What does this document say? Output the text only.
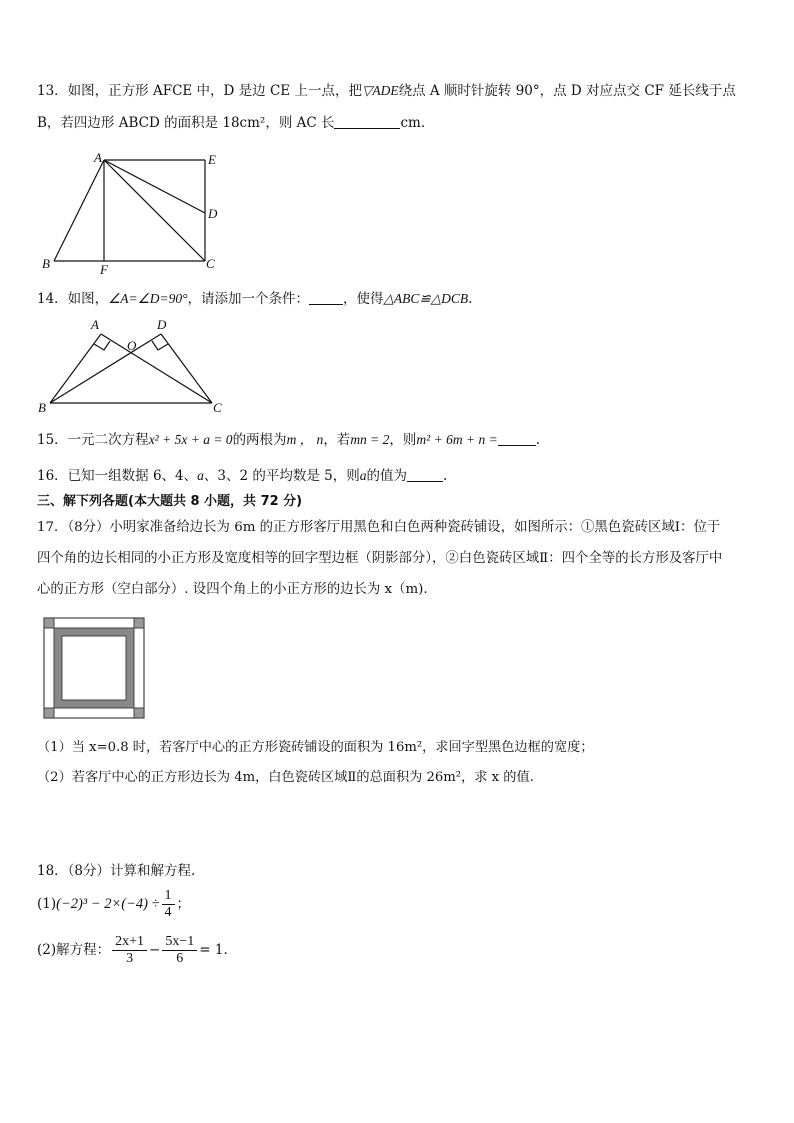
13．如图，正方形 AFCE 中，D 是边 CE 上一点，把▽ADE绕点 A 顺时针旋转 90°，点 D 对应点交 CF 延长线于点
B，若四边形 ABCD 的面积是 18cm²，则 AC 长	cm.
A	E
D
B	F	C
14．如图，∠A=∠D=90°，请添加一个条件：	，使得△ABC≌△DCB.
A	D
O
B	C
15．一元二次方程x² + 5x + a = 0的两根为m ， n，若mn = 2，则m² + 6m + n =	.
16．已知一组数据 6、4、a、3、2 的平均数是 5，则a的值为	.
三、解下列各题(本大题共 8 小题，共 72 分)
17．（8分）小明家准备给边长为 6m 的正方形客厅用黑色和白色两种瓷砖铺设，如图所示：①黑色瓷砖区域Ⅰ：位于
四个角的边长相同的小正方形及宽度相等的回字型边框（阴影部分），②白色瓷砖区域Ⅱ：四个全等的长方形及客厅中
心的正方形（空白部分）. 设四个角上的小正方形的边长为 x（m).
（1）当 x=0.8 时，若客厅中心的正方形瓷砖铺设的面积为 16m²，求回字型黑色边框的宽度；
（2）若客厅中心的正方形边长为 4m，白色瓷砖区域Ⅱ的总面积为 26m²，求 x 的值.
18．（8分）计算和解方程.
$(1)(-2)^3 - 2\times(-4) \div \frac{1}{4}$ ；
(2)解方程： $\frac{2x+1}{3} - \frac{5x-1}{6} = 1$.
